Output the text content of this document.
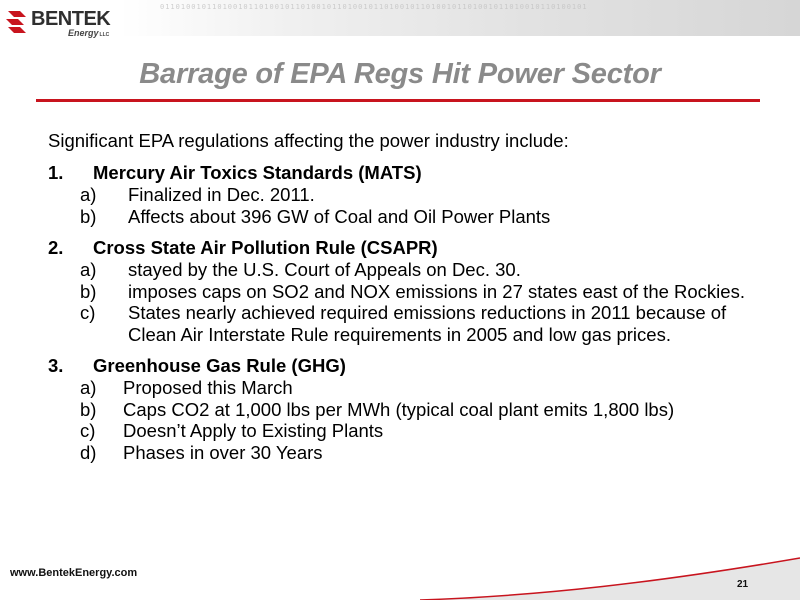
0110100101101001011010010110100101101001011010010110100101101001011010010110100101
BENTEK
EnergyLLC
Barrage of EPA Regs Hit Power Sector
Significant EPA regulations affecting the power industry include:
1.	Mercury Air Toxics Standards (MATS)
a)	Finalized in Dec. 2011.
b)	Affects about 396 GW of Coal and Oil Power Plants
2.	Cross State Air Pollution Rule (CSAPR)
a)	stayed by the U.S. Court of Appeals on Dec. 30.
b)	imposes caps on SO2 and NOX emissions in 27 states east of the Rockies.
c)	States nearly achieved required emissions reductions in 2011 because of Clean Air Interstate Rule requirements in 2005 and low gas prices.
3.	Greenhouse Gas Rule (GHG)
a)	Proposed this March
b)	Caps CO2 at 1,000 lbs per MWh (typical coal plant emits 1,800 lbs)
c)	Doesn’t Apply to Existing Plants
d)	Phases in over 30 Years
www.BentekEnergy.com
21
